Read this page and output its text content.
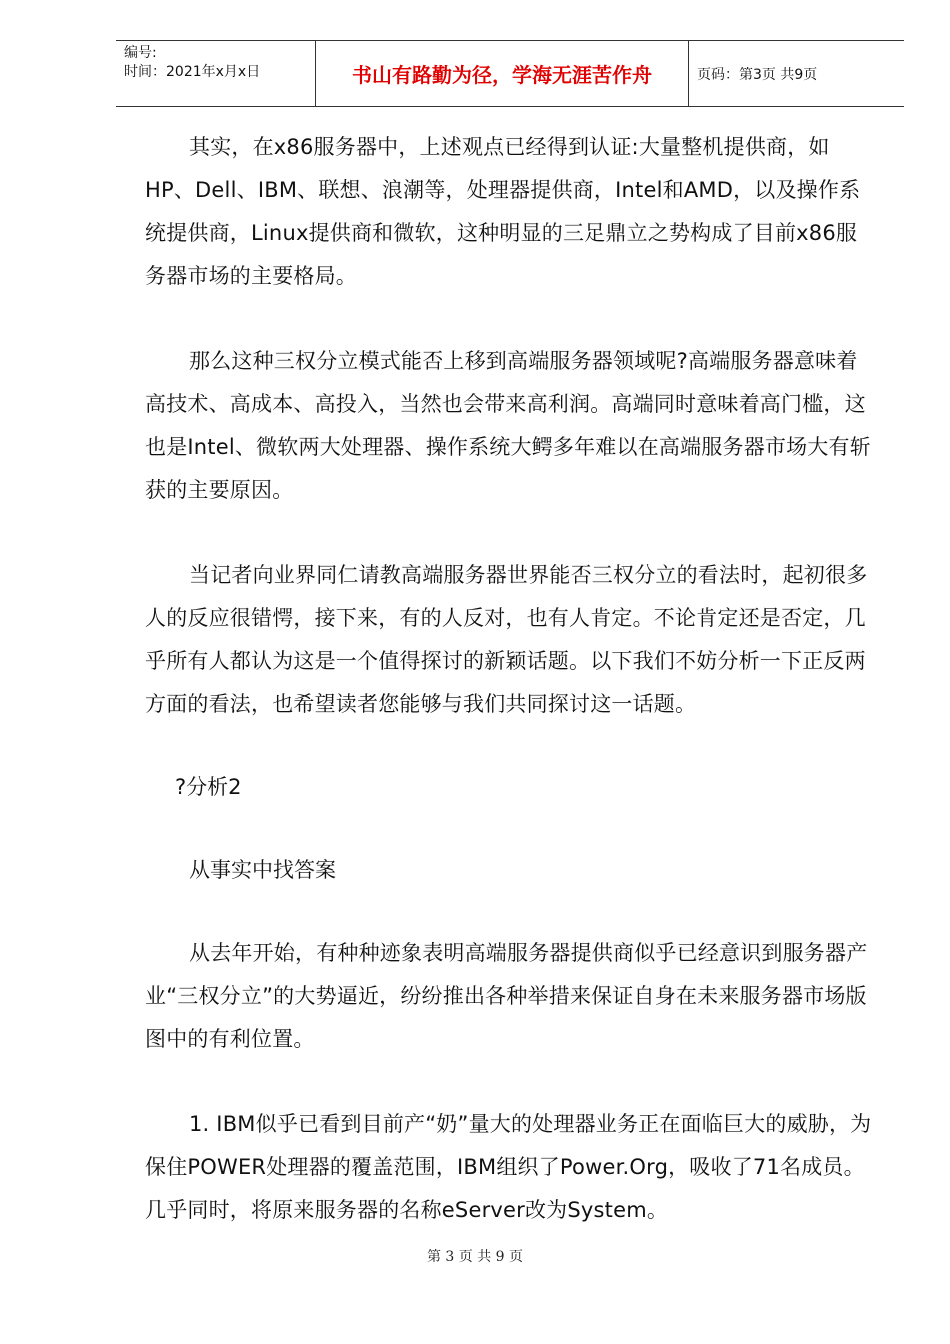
编号:
时间：2021年x月x日	书山有路勤为径，学海无涯苦作舟	页码：第3页 共9页

其实，在x86服务器中，上述观点已经得到认证:大量整机提供商，如HP、Dell、IBM、联想、浪潮等，处理器提供商，Intel和AMD，以及操作系统提供商，Linux提供商和微软，这种明显的三足鼎立之势构成了目前x86服务器市场的主要格局。

那么这种三权分立模式能否上移到高端服务器领域呢?高端服务器意味着高技术、高成本、高投入，当然也会带来高利润。高端同时意味着高门槛，这也是Intel、微软两大处理器、操作系统大鳄多年难以在高端服务器市场大有斩获的主要原因。

当记者向业界同仁请教高端服务器世界能否三权分立的看法时，起初很多人的反应很错愕，接下来，有的人反对，也有人肯定。不论肯定还是否定，几乎所有人都认为这是一个值得探讨的新颖话题。以下我们不妨分析一下正反两方面的看法，也希望读者您能够与我们共同探讨这一话题。

?分析2

从事实中找答案

从去年开始，有种种迹象表明高端服务器提供商似乎已经意识到服务器产业“三权分立”的大势逼近，纷纷推出各种举措来保证自身在未来服务器市场版图中的有利位置。

1. IBM似乎已看到目前产“奶”量大的处理器业务正在面临巨大的威胁，为保住POWER处理器的覆盖范围，IBM组织了Power.Org，吸收了71名成员。几乎同时，将原来服务器的名称eServer改为System。

第 3 页 共 9 页
